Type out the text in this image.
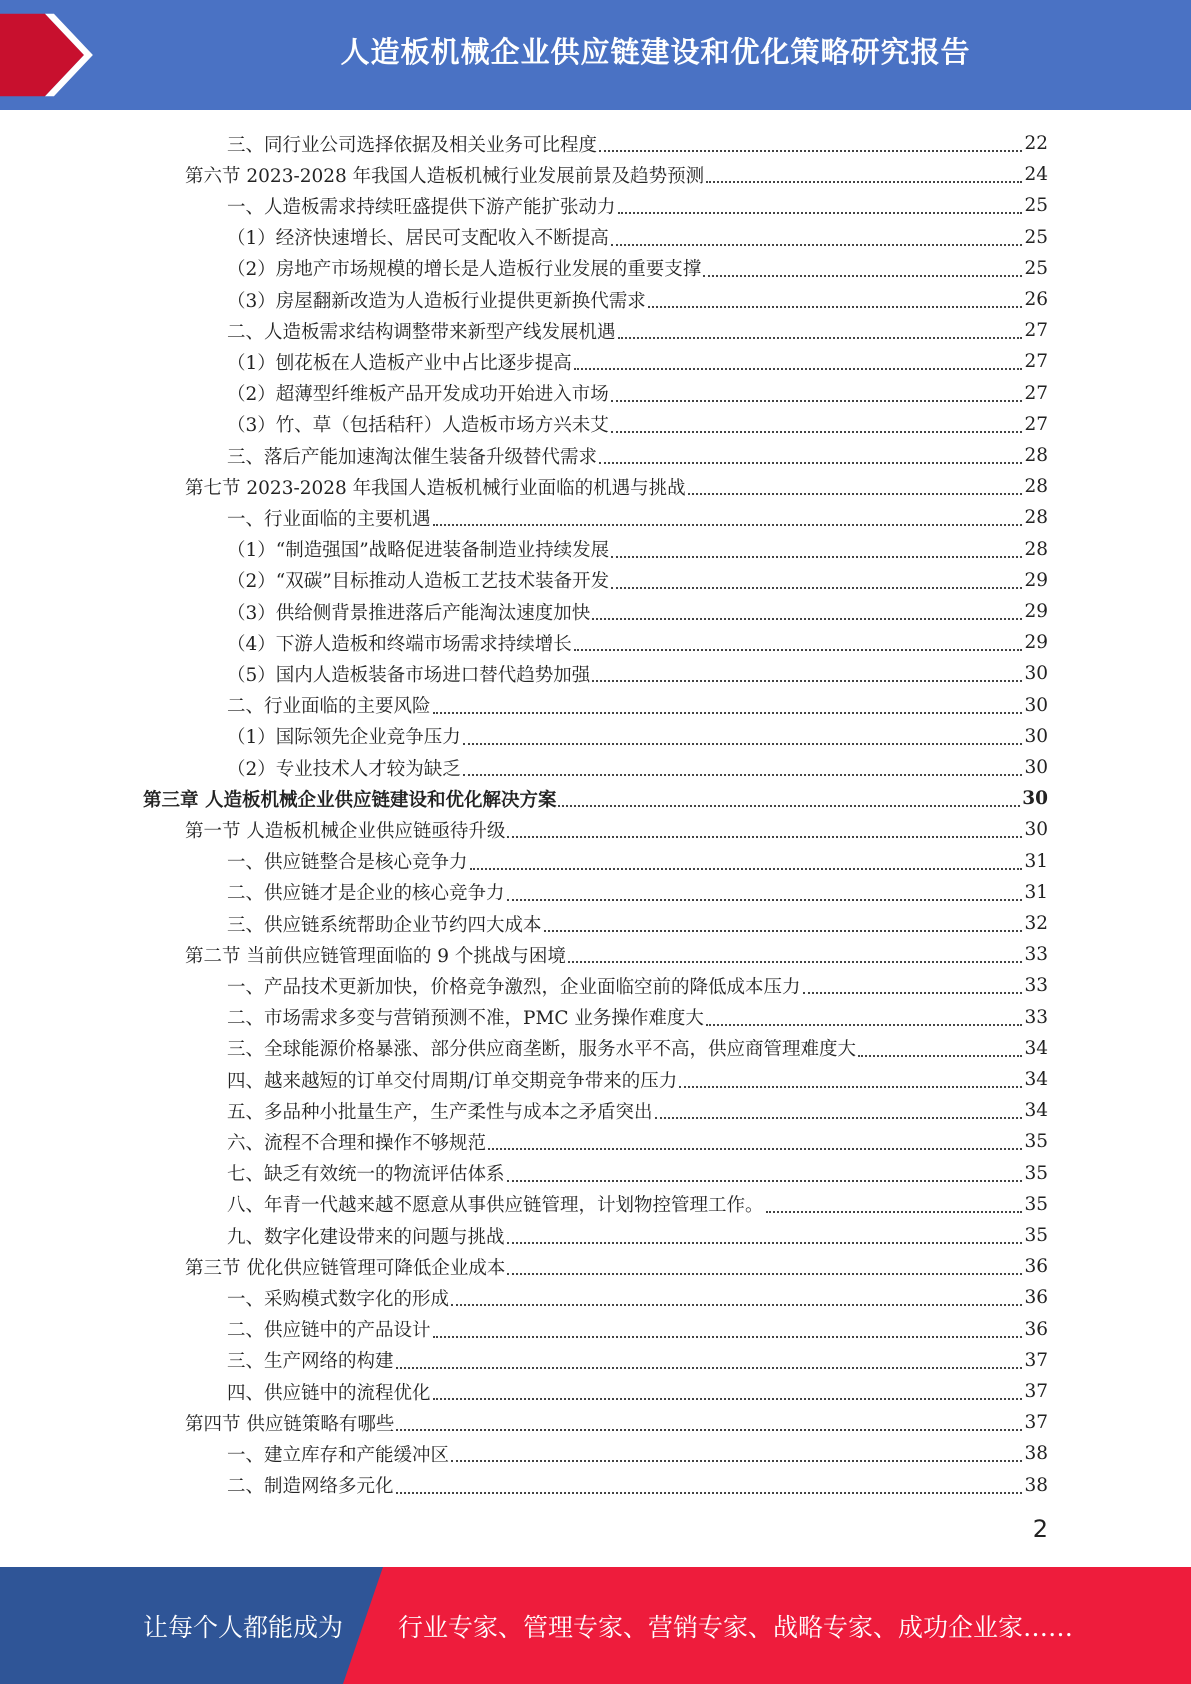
人造板机械企业供应链建设和优化策略研究报告
三、同行业公司选择依据及相关业务可比程度	22
第六节 2023-2028 年我国人造板机械行业发展前景及趋势预测	24
一、人造板需求持续旺盛提供下游产能扩张动力	25
（1）经济快速增长、居民可支配收入不断提高	25
（2）房地产市场规模的增长是人造板行业发展的重要支撑	25
（3）房屋翻新改造为人造板行业提供更新换代需求	26
二、人造板需求结构调整带来新型产线发展机遇	27
（1）刨花板在人造板产业中占比逐步提高	27
（2）超薄型纤维板产品开发成功开始进入市场	27
（3）竹、草（包括秸秆）人造板市场方兴未艾	27
三、落后产能加速淘汰催生装备升级替代需求	28
第七节 2023-2028 年我国人造板机械行业面临的机遇与挑战	28
一、行业面临的主要机遇	28
（1）“制造强国”战略促进装备制造业持续发展	28
（2）“双碳”目标推动人造板工艺技术装备开发	29
（3）供给侧背景推进落后产能淘汰速度加快	29
（4）下游人造板和终端市场需求持续增长	29
（5）国内人造板装备市场进口替代趋势加强	30
二、行业面临的主要风险	30
（1）国际领先企业竞争压力	30
（2）专业技术人才较为缺乏	30
第三章 人造板机械企业供应链建设和优化解决方案	30
第一节 人造板机械企业供应链亟待升级	30
一、供应链整合是核心竞争力	31
二、供应链才是企业的核心竞争力	31
三、供应链系统帮助企业节约四大成本	32
第二节 当前供应链管理面临的 9 个挑战与困境	33
一、产品技术更新加快，价格竞争激烈，企业面临空前的降低成本压力	33
二、市场需求多变与营销预测不准，PMC 业务操作难度大	33
三、全球能源价格暴涨、部分供应商垄断，服务水平不高，供应商管理难度大	34
四、越来越短的订单交付周期/订单交期竞争带来的压力	34
五、多品种小批量生产，生产柔性与成本之矛盾突出	34
六、流程不合理和操作不够规范	35
七、缺乏有效统一的物流评估体系	35
八、年青一代越来越不愿意从事供应链管理，计划物控管理工作。	35
九、数字化建设带来的问题与挑战	35
第三节 优化供应链管理可降低企业成本	36
一、采购模式数字化的形成	36
二、供应链中的产品设计	36
三、生产网络的构建	37
四、供应链中的流程优化	37
第四节 供应链策略有哪些	37
一、建立库存和产能缓冲区	38
二、制造网络多元化	38
2
让每个人都能成为 行业专家、管理专家、营销专家、战略专家、成功企业家……
